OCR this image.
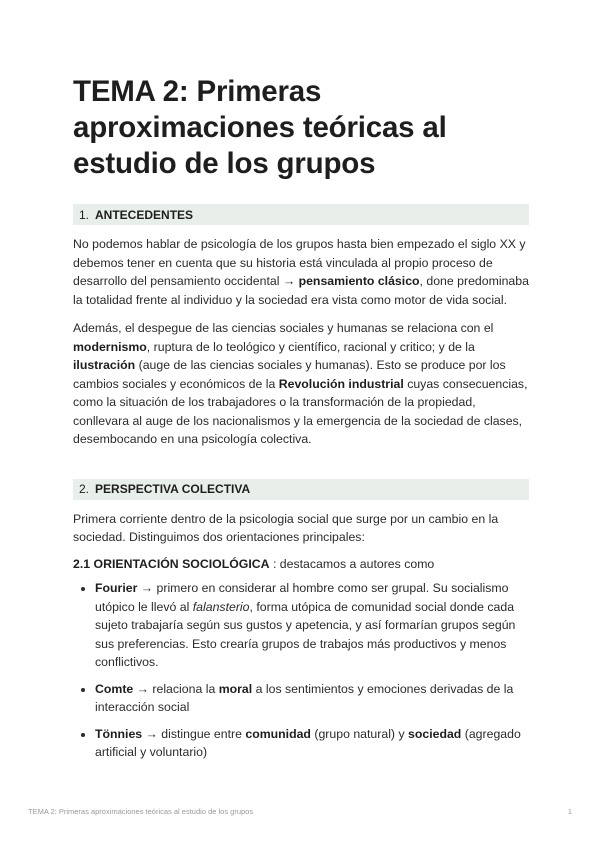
TEMA 2: Primeras aproximaciones teóricas al estudio de los grupos
1. ANTECEDENTES

No podemos hablar de psicología de los grupos hasta bien empezado el siglo XX y debemos tener en cuenta que su historia está vinculada al propio proceso de desarrollo del pensamiento occidental → pensamiento clásico, done predominaba la totalidad frente al individuo y la sociedad era vista como motor de vida social.

Además, el despegue de las ciencias sociales y humanas se relaciona con el modernismo, ruptura de lo teológico y científico, racional y critico; y de la ilustración (auge de las ciencias sociales y humanas). Esto se produce por los cambios sociales y económicos de la Revolución industrial cuyas consecuencias, como la situación de los trabajadores o la transformación de la propiedad, conllevara al auge de los nacionalismos y la emergencia de la sociedad de clases, desembocando en una psicología colectiva.

2. PERSPECTIVA COLECTIVA

Primera corriente dentro de la psicologia social que surge por un cambio en la sociedad. Distinguimos dos orientaciones principales:

2.1 ORIENTACIÓN SOCIOLÓGICA : destacamos a autores como

• Fourier → primero en considerar al hombre como ser grupal. Su socialismo utópico le llevó al falansterio, forma utópica de comunidad social donde cada sujeto trabajaría según sus gustos y apetencia, y así formarían grupos según sus preferencias. Esto crearía grupos de trabajos más productivos y menos conflictivos.
• Comte → relaciona la moral a los sentimientos y emociones derivadas de la interacción social
• Tönnies → distingue entre comunidad (grupo natural) y sociedad (agregado artificial y voluntario)
TEMA 2: Primeras aproximaciones teóricas al estudio de los grupos	1
